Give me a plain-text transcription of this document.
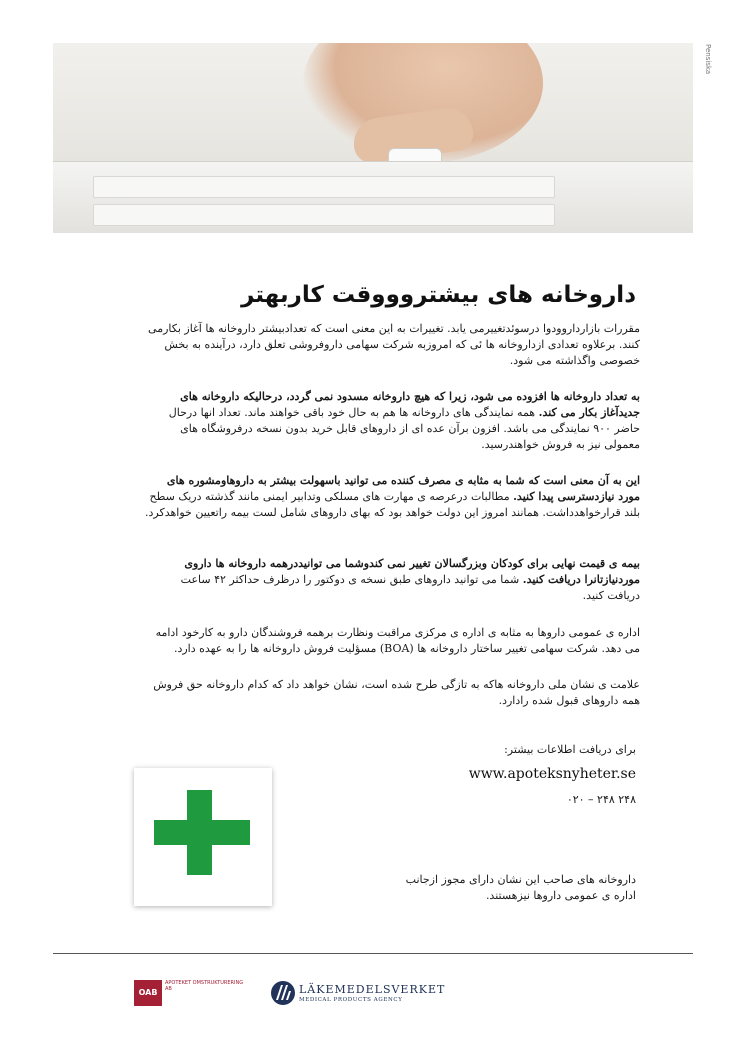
Pensiska
داروخانه های بیشتروووقت کاربهتر

مقررات بازارداروودوا درسوئدتغییرمی یابد. تغییرات به این معنی است که تعدادبیشتر داروخانه ها آغاز بکارمی کنند. برعلاوه تعدادی ازداروخانه ها ئی که امروزبه شرکت سهامی داروفروشی تعلق دارد، درآینده به بخش خصوصی واگذاشته می شود.

به تعداد داروخانه ها افزوده می شود، زیرا که هیچ داروخانه مسدود نمی گردد، درحالیکه داروخانه های جدیدآغاز بکار می کند. همه نمایندگی های داروخانه ها هم به حال خود باقی خواهند ماند. تعداد انها درحال حاضر ۹۰۰ نمایندگی می باشد. افزون برآن عده ای از داروهای قابل خرید بدون نسخه درفروشگاه های معمولی نیز به فروش خواهندرسید.

این به آن معنی است که شما به مثابه ی مصرف کننده می توانید باسهولت بیشتر به داروهاومشوره های مورد نیازدسترسی پیدا کنید. مطالبات درعرصه ی مهارت های مسلکی وتدابیر ایمنی مانند گذشته دریک سطح بلند قرارخواهدداشت. همانند امروز این دولت خواهد بود که بهای داروهای شامل لست بیمه راتعیین خواهدکرد.

بیمه ی قیمت نهایی برای کودکان وبزرگسالان تغییر نمی کندوشما می توانیددرهمه داروخانه ها داروی موردنیازتانرا دریافت کنید. شما می توانید داروهای طبق نسخه ی دوکتور را درظرف حداکثر ۴۲ ساعت دریافت کنید.

اداره ی عمومی داروها به مثابه ی اداره ی مرکزی مراقبت ونظارت برهمه فروشندگان دارو به کارخود ادامه می دهد. شرکت سهامی تغییر ساختار داروخانه ها (BOA) مسؤلیت فروش داروخانه ها را به عهده دارد.

علامت ی نشان ملی داروخانه هاکه به تازگی طرح شده است، نشان خواهد داد که کدام داروخانه حق فروش همه داروهای قبول شده رادارد.

برای دریافت اطلاعات بیشتر:
www.apoteksnyheter.se
۰۲۰ – ۲۴۸ ۲۴۸
Apotek
داروخانه های صاحب این نشان دارای مجوز ازجانب اداره ی عمومی داروها نیزهستند.
OAB
APOTEKET OMSTRUKTURERING AB	LÄKEMEDELSVERKET
MEDICAL PRODUCTS AGENCY
